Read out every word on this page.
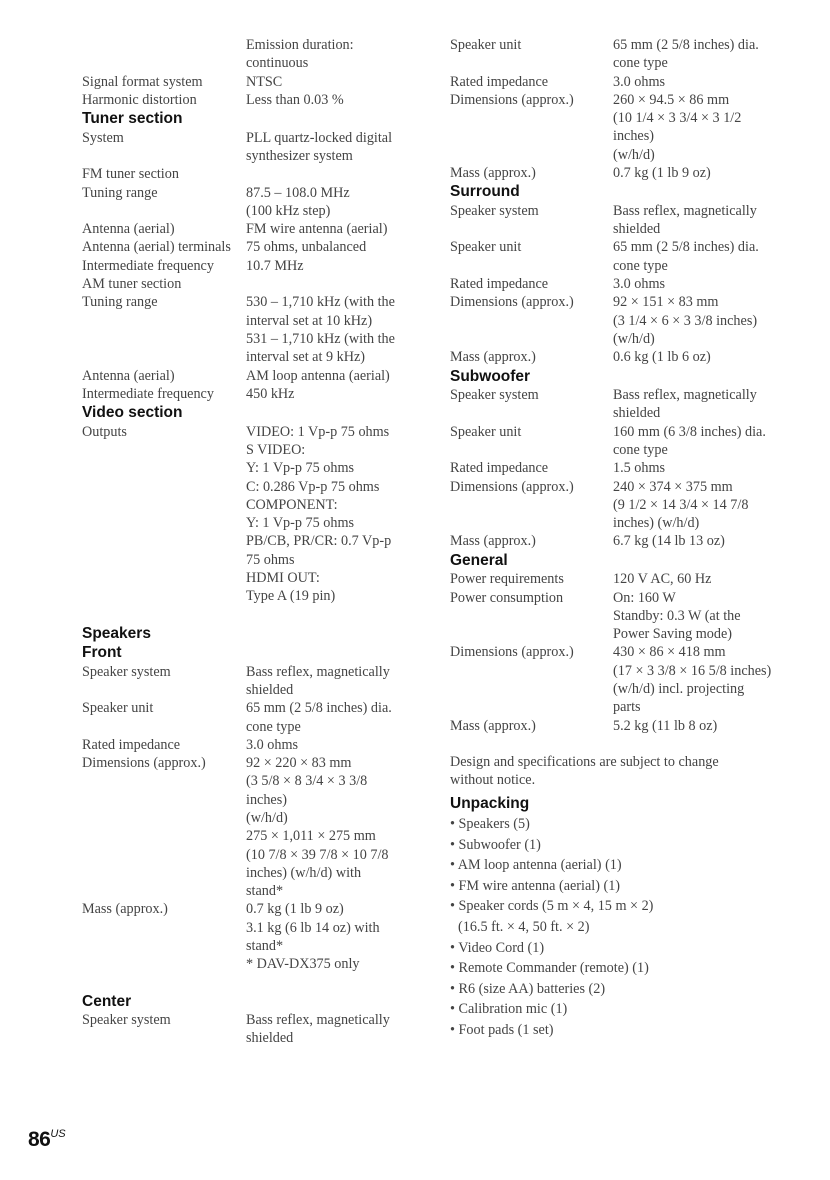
Emission duration:
continuous
Signal format system	NTSC
Harmonic distortion	Less than 0.03 %
Tuner section
System	PLL quartz-locked digital
synthesizer system
FM tuner section
Tuning range	87.5 – 108.0 MHz
(100 kHz step)
Antenna (aerial)	FM wire antenna (aerial)
Antenna (aerial) terminals	75 ohms, unbalanced
Intermediate frequency	10.7 MHz
AM tuner section
Tuning range	530 – 1,710 kHz (with the
interval set at 10 kHz)
531 – 1,710 kHz (with the
interval set at 9 kHz)
Antenna (aerial)	AM loop antenna (aerial)
Intermediate frequency	450 kHz
Video section
Outputs	VIDEO: 1 Vp-p 75 ohms
S VIDEO:
Y: 1 Vp-p 75 ohms
C: 0.286 Vp-p 75 ohms
COMPONENT:
Y: 1 Vp-p 75 ohms
PB/CB, PR/CR: 0.7 Vp-p
75 ohms
HDMI OUT:
Type A (19 pin)
Speakers
Front
Speaker system	Bass reflex, magnetically
shielded
Speaker unit	65 mm (2 5/8 inches) dia.
cone type
Rated impedance	3.0 ohms
Dimensions (approx.)	92 × 220 × 83 mm
(3 5/8 × 8 3/4 × 3 3/8 inches)
(w/h/d)
275 × 1,011 × 275 mm
(10 7/8 × 39 7/8 × 10 7/8
inches) (w/h/d) with
stand*
Mass (approx.)	0.7 kg (1 lb 9 oz)
3.1 kg (6 lb 14 oz) with
stand*
* DAV-DX375 only
Center
Speaker system	Bass reflex, magnetically
shielded
Speaker unit	65 mm (2 5/8 inches) dia.
cone type
Rated impedance	3.0 ohms
Dimensions (approx.)	260 × 94.5 × 86 mm
(10 1/4 × 3 3/4 × 3 1/2 inches)
(w/h/d)
Mass (approx.)	0.7 kg (1 lb 9 oz)
Surround
Speaker system	Bass reflex, magnetically
shielded
Speaker unit	65 mm (2 5/8 inches) dia.
cone type
Rated impedance	3.0 ohms
Dimensions (approx.)	92 × 151 × 83 mm
(3 1/4 × 6 × 3 3/8 inches)
(w/h/d)
Mass (approx.)	0.6 kg (1 lb 6 oz)
Subwoofer
Speaker system	Bass reflex, magnetically
shielded
Speaker unit	160 mm (6 3/8 inches) dia.
cone type
Rated impedance	1.5 ohms
Dimensions (approx.)	240 × 374 × 375 mm
(9 1/2 × 14 3/4 × 14 7/8
inches) (w/h/d)
Mass (approx.)	6.7 kg (14 lb 13 oz)
General
Power requirements	120 V AC, 60 Hz
Power consumption	On: 160 W
Standby: 0.3 W (at the
Power Saving mode)
Dimensions (approx.)	430 × 86 × 418 mm
(17 × 3 3/8 × 16 5/8 inches)
(w/h/d) incl. projecting
parts
Mass (approx.)	5.2 kg (11 lb 8 oz)
Design and specifications are subject to change
without notice.
Unpacking
• Speakers (5)
• Subwoofer (1)
• AM loop antenna (aerial) (1)
• FM wire antenna (aerial) (1)
• Speaker cords (5 m × 4, 15 m × 2)
(16.5 ft. × 4, 50 ft. × 2)
• Video Cord (1)
• Remote Commander (remote) (1)
• R6 (size AA) batteries (2)
• Calibration mic (1)
• Foot pads (1 set)
$86^{US}$
